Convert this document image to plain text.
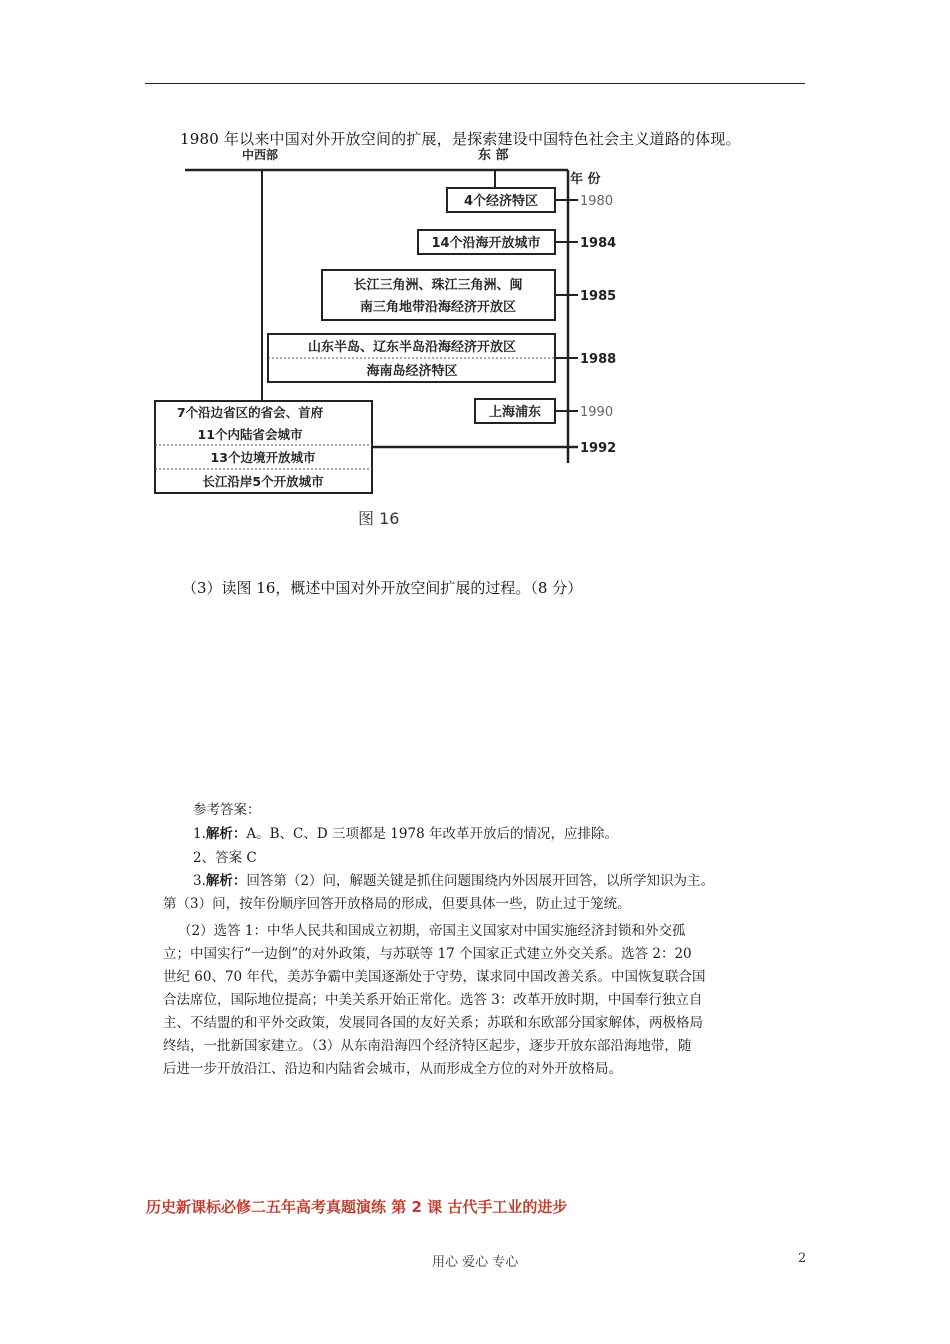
1980 年以来中国对外开放空间的扩展，是探索建设中国特色社会主义道路的体现。
中西部	东 部
年 份
4个经济特区	1980
14个沿海开放城市	1984
长江三角洲、珠江三角洲、闽
南三角地带沿海经济开放区
1985
山东半岛、辽东半岛沿海经济开放区
海南岛经济特区
1988
上海浦东	1990
7个沿边省区的省会、首府
11个内陆省会城市
13个边境开放城市
长江沿岸5个开放城市
1992
图 16
（3）读图 16，概述中国对外开放空间扩展的过程。（8 分）
参考答案：
1.解析：A。B、C、D 三项都是 1978 年改革开放后的情况，应排除。
2、答案 C
3.解析：回答第（2）问，解题关键是抓住问题围绕内外因展开回答，以所学知识为主。
第（3）问，按年份顺序回答开放格局的形成，但要具体一些，防止过于笼统。
（2）选答 1：中华人民共和国成立初期，帝国主义国家对中国实施经济封锁和外交孤
立；中国实行“一边倒”的对外政策，与苏联等 17 个国家正式建立外交关系。选答 2：20
世纪 60、70 年代，美苏争霸中美国逐渐处于守势，谋求同中国改善关系。中国恢复联合国
合法席位，国际地位提高；中美关系开始正常化。选答 3：改革开放时期，中国奉行独立自
主、不结盟的和平外交政策，发展同各国的友好关系；苏联和东欧部分国家解体，两极格局
终结，一批新国家建立。（3）从东南沿海四个经济特区起步，逐步开放东部沿海地带，随
后进一步开放沿江、沿边和内陆省会城市，从而形成全方位的对外开放格局。
历史新课标必修二五年高考真题演练 第 2 课 古代手工业的进步
用心 爱心 专心	2
